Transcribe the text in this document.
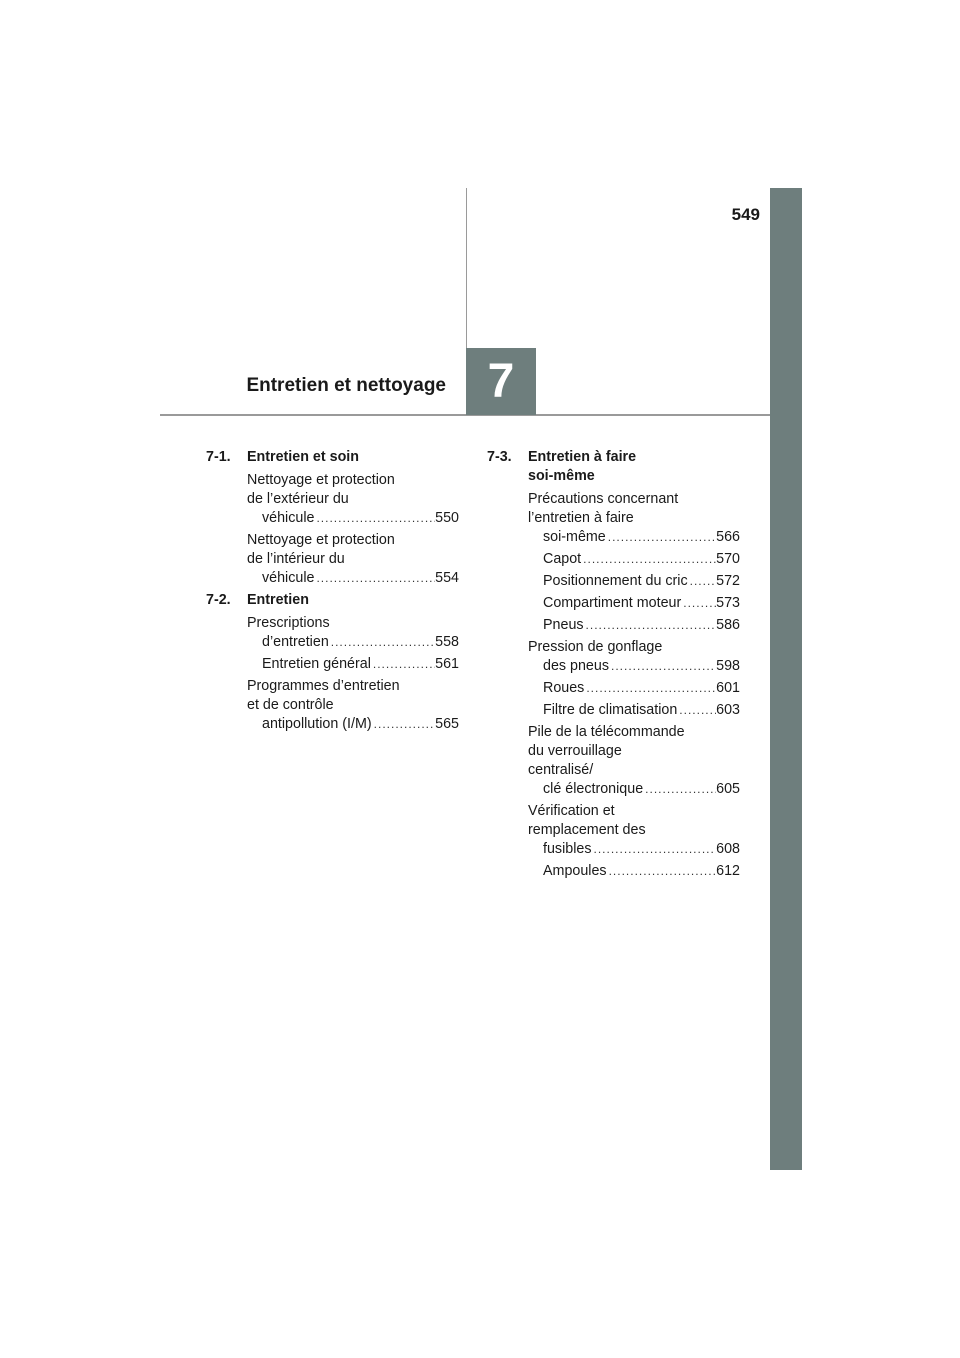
549
7
Entretien et nettoyage
7-1.	Entretien et soin
Nettoyage et protection
de l’extérieur du
véhicule .....	550
Nettoyage et protection
de l’intérieur du
véhicule .....	554
7-2.	Entretien
Prescriptions
d’entretien .....	558
Entretien général .....	561
Programmes d’entretien
et de contrôle
antipollution (I/M) .....	565
7-3.	Entretien à faire
soi-même
Précautions concernant
l’entretien à faire
soi-même .....	566
Capot .....	570
Positionnement du cric ..... 572
Compartiment moteur ..... 573
Pneus .....	586
Pression de gonflage
des pneus .....	598
Roues .....	601
Filtre de climatisation .....	603
Pile de la télécommande
du verrouillage
centralisé/
clé électronique .....	605
Vérification et
remplacement des
fusibles .....	608
Ampoules .....	612
